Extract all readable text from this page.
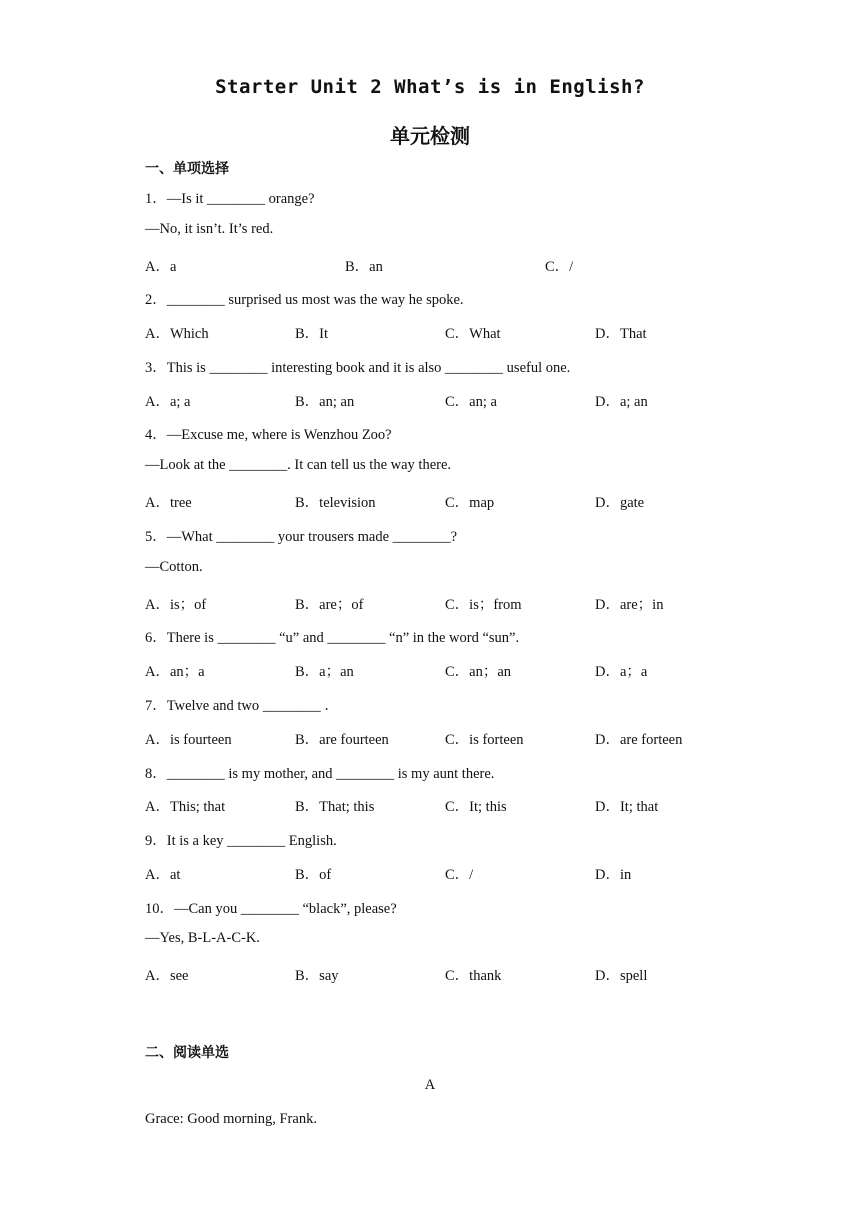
Starter Unit 2 What’s is in English?
单元检测
一、单项选择
1．—Is it ________ orange?
—No, it isn’t. It’s red.
A．a	B．an	C．/
2．________ surprised us most was the way he spoke.
A．Which	B．It	C．What	D．That
3．This is ________ interesting book and it is also ________ useful one.
A．a; a	B．an; an	C．an; a	D．a; an
4．—Excuse me, where is Wenzhou Zoo?
—Look at the ________. It can tell us the way there.
A．tree	B．television	C．map	D．gate
5．—What ________ your trousers made ________?
—Cotton.
A．is；of	B．are；of	C．is；from	D．are；in
6．There is ________ “u” and ________ “n” in the word “sun”.
A．an；a	B．a；an	C．an；an	D．a；a
7．Twelve and two ________ ．
A．is fourteen	B．are fourteen	C．is forteen	D．are forteen
8．________ is my mother, and ________ is my aunt there.
A．This; that	B．That; this	C．It; this	D．It; that
9．It is a key ________ English.
A．at	B．of	C．/	D．in
10．—Can you ________ “black”, please?
—Yes, B-L-A-C-K.
A．see	B．say	C．thank	D．spell
二、阅读单选
A
Grace: Good morning, Frank.
